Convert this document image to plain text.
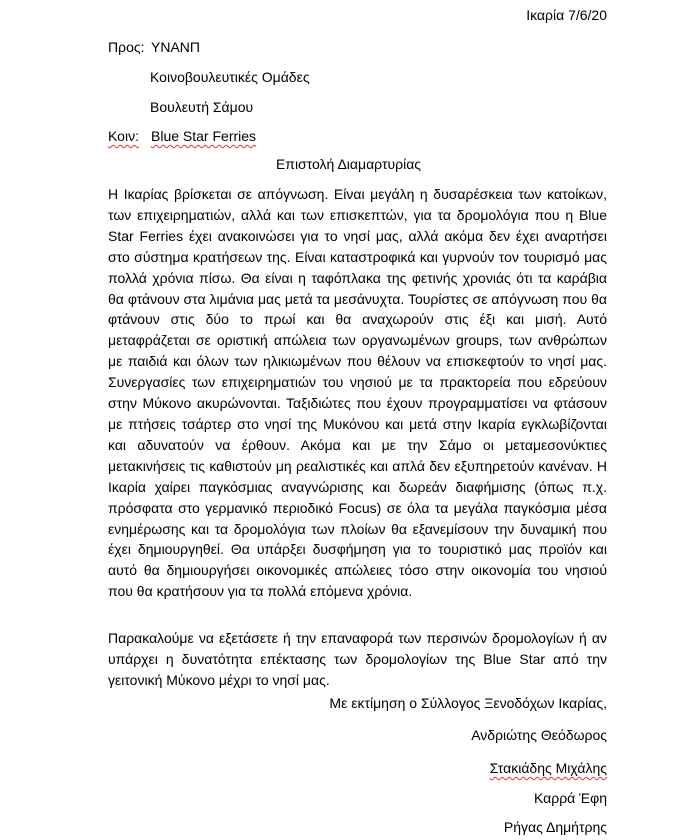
Ικαρία 7/6/20
Προς: ΥΝΑΝΠ
Κοινοβουλευτικές Ομάδες
Βουλευτή Σάμου
Κοιν: Blue Star Ferries
Επιστολή Διαμαρτυρίας

Η Ικαρίας βρίσκεται σε απόγνωση. Είναι μεγάλη η δυσαρέσκεια των κατοίκων, των επιχειρηματιών, αλλά και των επισκεπτών, για τα δρομολόγια που η Blue Star Ferries έχει ανακοινώσει για το νησί μας, αλλά ακόμα δεν έχει αναρτήσει στο σύστημα κρατήσεων της. Είναι καταστροφικά και γυρνούν τον τουρισμό μας πολλά χρόνια πίσω. Θα είναι η ταφόπλακα της φετινής χρονιάς ότι τα καράβια θα φτάνουν στα λιμάνια μας μετά τα μεσάνυχτα. Τουρίστες σε απόγνωση που θα φτάνουν στις δύο το πρωί και θα αναχωρούν στις έξι και μισή. Αυτό μεταφράζεται σε οριστική απώλεια των οργανωμένων groups, των ανθρώπων με παιδιά και όλων των ηλικιωμένων που θέλουν να επισκεφτούν το νησί μας. Συνεργασίες των επιχειρηματιών του νησιού με τα πρακτορεία που εδρεύουν στην Μύκονο ακυρώνονται. Ταξιδιώτες που έχουν προγραμματίσει να φτάσουν με πτήσεις τσάρτερ στο νησί της Μυκόνου και μετά στην Ικαρία εγκλωβίζονται και αδυνατούν να έρθουν. Ακόμα και με την Σάμο οι μεταμεσονύκτιες μετακινήσεις τις καθιστούν μη ρεαλιστικές και απλά δεν εξυπηρετούν κανέναν. Η Ικαρία χαίρει παγκόσμιας αναγνώρισης και δωρεάν διαφήμισης (όπως π.χ. πρόσφατα στο γερμανικό περιοδικό Focus) σε όλα τα μεγάλα παγκόσμια μέσα ενημέρωσης και τα δρομολόγια των πλοίων θα εξανεμίσουν την δυναμική που έχει δημιουργηθεί. Θα υπάρξει δυσφήμηση για το τουριστικό μας προϊόν και αυτό θα δημιουργήσει οικονομικές απώλειες τόσο στην οικονομία του νησιού που θα κρατήσουν για τα πολλά επόμενα χρόνια.

Παρακαλούμε να εξετάσετε ή την επαναφορά των περσινών δρομολογίων ή αν υπάρχει η δυνατότητα επέκτασης των δρομολογίων της Blue Star από την γειτονική Μύκονο μέχρι το νησί μας.

Με εκτίμηση ο Σύλλογος Ξενοδόχων Ικαρίας,
Ανδριώτης Θεόδωρος
Στακιάδης Μιχάλης
Καρρά Έφη
Ρήγας Δημήτρης
